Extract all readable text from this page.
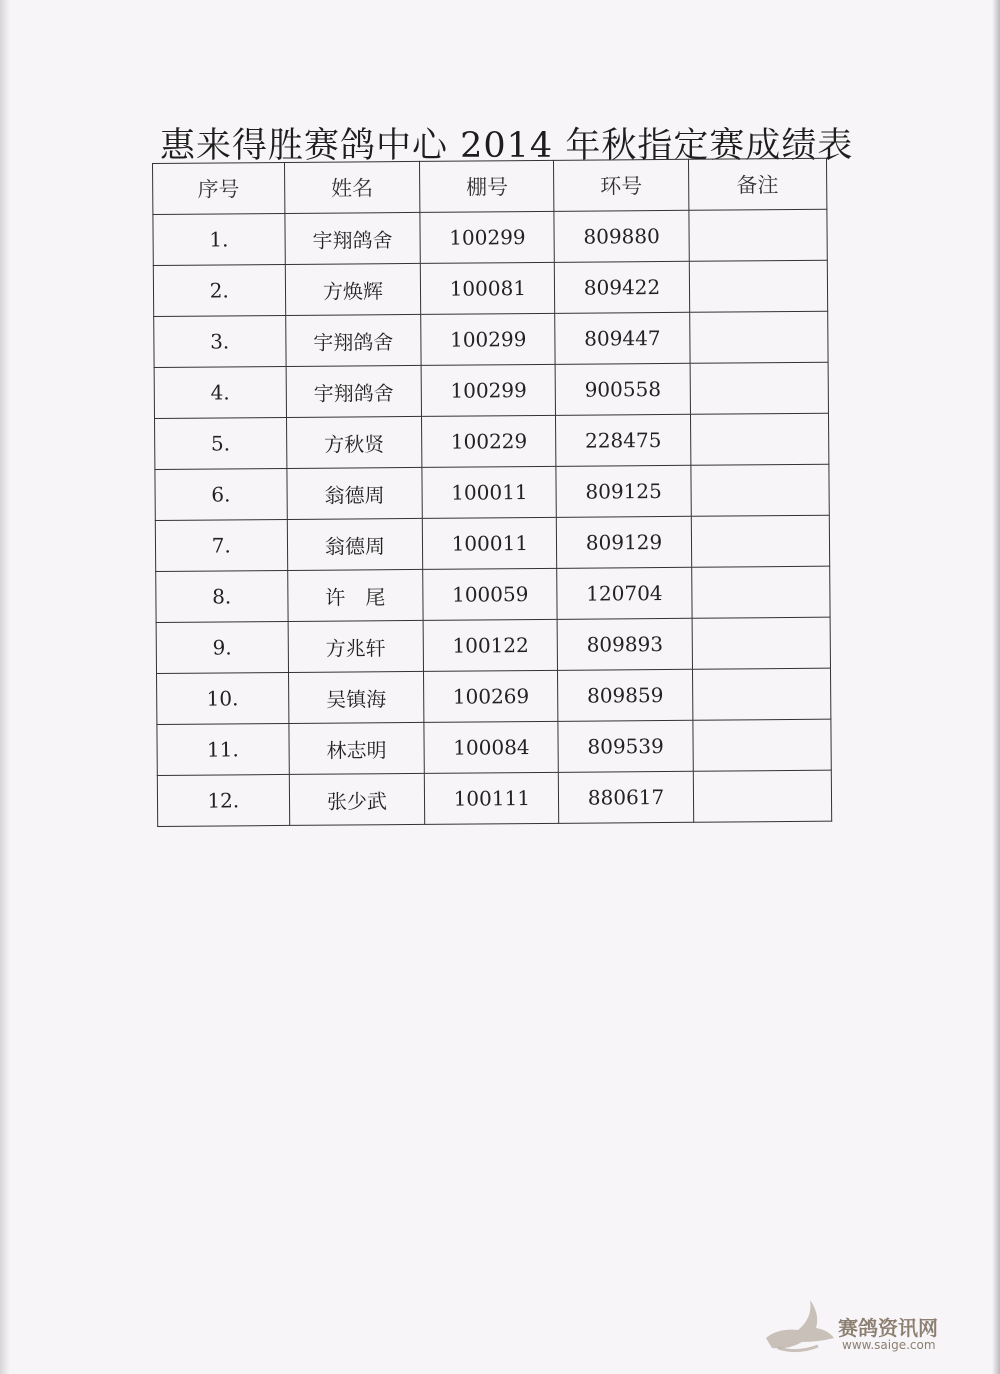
惠来得胜赛鸽中心 2014 年秋指定赛成绩表
序号	姓名	棚号	环号	备注
1.	宇翔鸽舍	100299	809880	
2.	方焕辉	100081	809422	
3.	宇翔鸽舍	100299	809447	
4.	宇翔鸽舍	100299	900558	
5.	方秋贤	100229	228475	
6.	翁德周	100011	809125	
7.	翁德周	100011	809129	
8.	许　尾	100059	120704	
9.	方兆轩	100122	809893	
10.	吴镇海	100269	809859	
11.	林志明	100084	809539	
12.	张少武	100111	880617	
赛鸽资讯网
www.saige.com
